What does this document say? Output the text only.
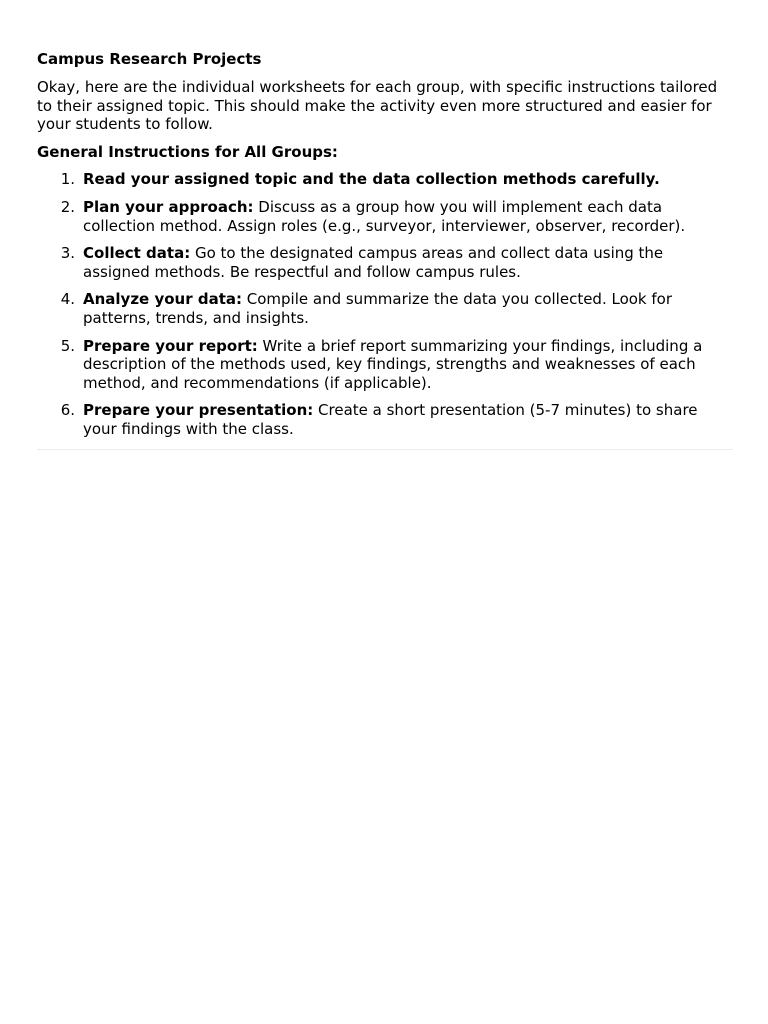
Campus Research Projects

Okay, here are the individual worksheets for each group, with specific instructions tailored to their assigned topic. This should make the activity even more structured and easier for your students to follow.

General Instructions for All Groups:

1. Read your assigned topic and the data collection methods carefully.
2. Plan your approach: Discuss as a group how you will implement each data collection method. Assign roles (e.g., surveyor, interviewer, observer, recorder).
3. Collect data: Go to the designated campus areas and collect data using the assigned methods. Be respectful and follow campus rules.
4. Analyze your data: Compile and summarize the data you collected. Look for patterns, trends, and insights.
5. Prepare your report: Write a brief report summarizing your findings, including a description of the methods used, key findings, strengths and weaknesses of each method, and recommendations (if applicable).
6. Prepare your presentation: Create a short presentation (5-7 minutes) to share your findings with the class.
